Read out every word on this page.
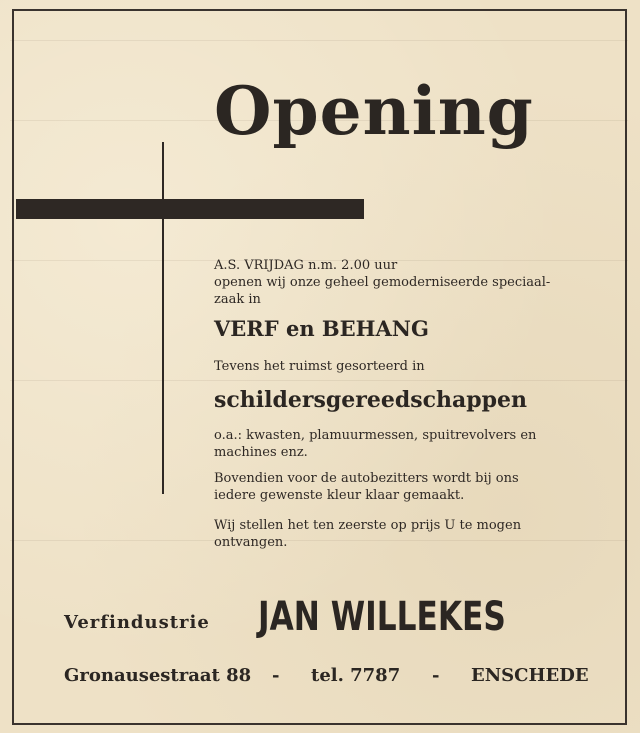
Opening
A.S. VRIJDAG n.m. 2.00 uur
openen wij onze geheel gemoderniseerde speciaal-
zaak in
VERF en BEHANG
Tevens het ruimst gesorteerd in
schildersgereedschappen
o.a.: kwasten, plamuurmessen, spuitrevolvers en
machines enz.
Bovendien voor de autobezitters wordt bij ons
iedere gewenste kleur klaar gemaakt.
Wij stellen het ten zeerste op prijs U te mogen
ontvangen.
Verfindustrie JAN WILLEKES
Gronausestraat 88 - tel. 7787 - ENSCHEDE
